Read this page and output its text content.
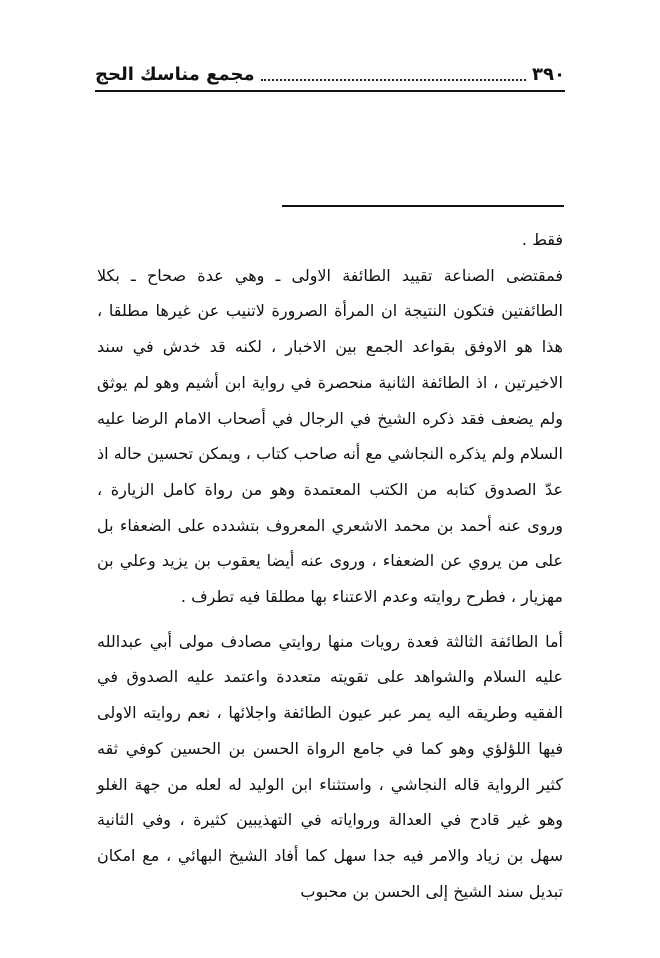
٣٩٠
مجمع مناسك الحج

فقط .

فمقتضى الصناعة تقييد الطائفة الاولى ـ وهي عدة صحاح ـ بكلا الطائفتين فتكون النتيجة ان المرأة الصرورة لاتنيب عن غيرها مطلقا ، هذا هو الاوفق بقواعد الجمع بين الاخبار ، لكنه قد خدش في سند الاخيرتين ، اذ الطائفة الثانية منحصرة في رواية ابن أشيم وهو لم يوثق ولم يضعف فقد ذكره الشيخ في الرجال في أصحاب الامام الرضا عليه السلام ولم يذكره النجاشي مع أنه صاحب كتاب ، ويمكن تحسين حاله اذ عدّ الصدوق كتابه من الكتب المعتمدة وهو من رواة كامل الزيارة ، وروى عنه أحمد بن محمد الاشعري المعروف بتشدده على الضعفاء بل على من يروي عن الضعفاء ، وروى عنه أيضا يعقوب بن يزيد وعلي بن مهزيار ، فطرح روايته وعدم الاعتناء بها مطلقا فيه تطرف .

أما الطائفة الثالثة فعدة رويات منها روايتي مصادف مولى أبي عبدالله عليه السلام والشواهد على تقويته متعددة واعتمد عليه الصدوق في الفقيه وطريقه اليه يمر عبر عيون الطائفة واجلائها ، نعم روايته الاولى فيها اللؤلؤي وهو كما في جامع الرواة الحسن بن الحسين كوفي ثقه كثير الرواية قاله النجاشي ، واستثناء ابن الوليد له لعله من جهة الغلو وهو غير قادح في العدالة ورواياته في التهذيبين كثيرة ، وفي الثانية سهل بن زياد والامر فيه جدا سهل كما أفاد الشيخ البهائي ، مع امكان تبديل سند الشيخ إلى الحسن بن محبوب
